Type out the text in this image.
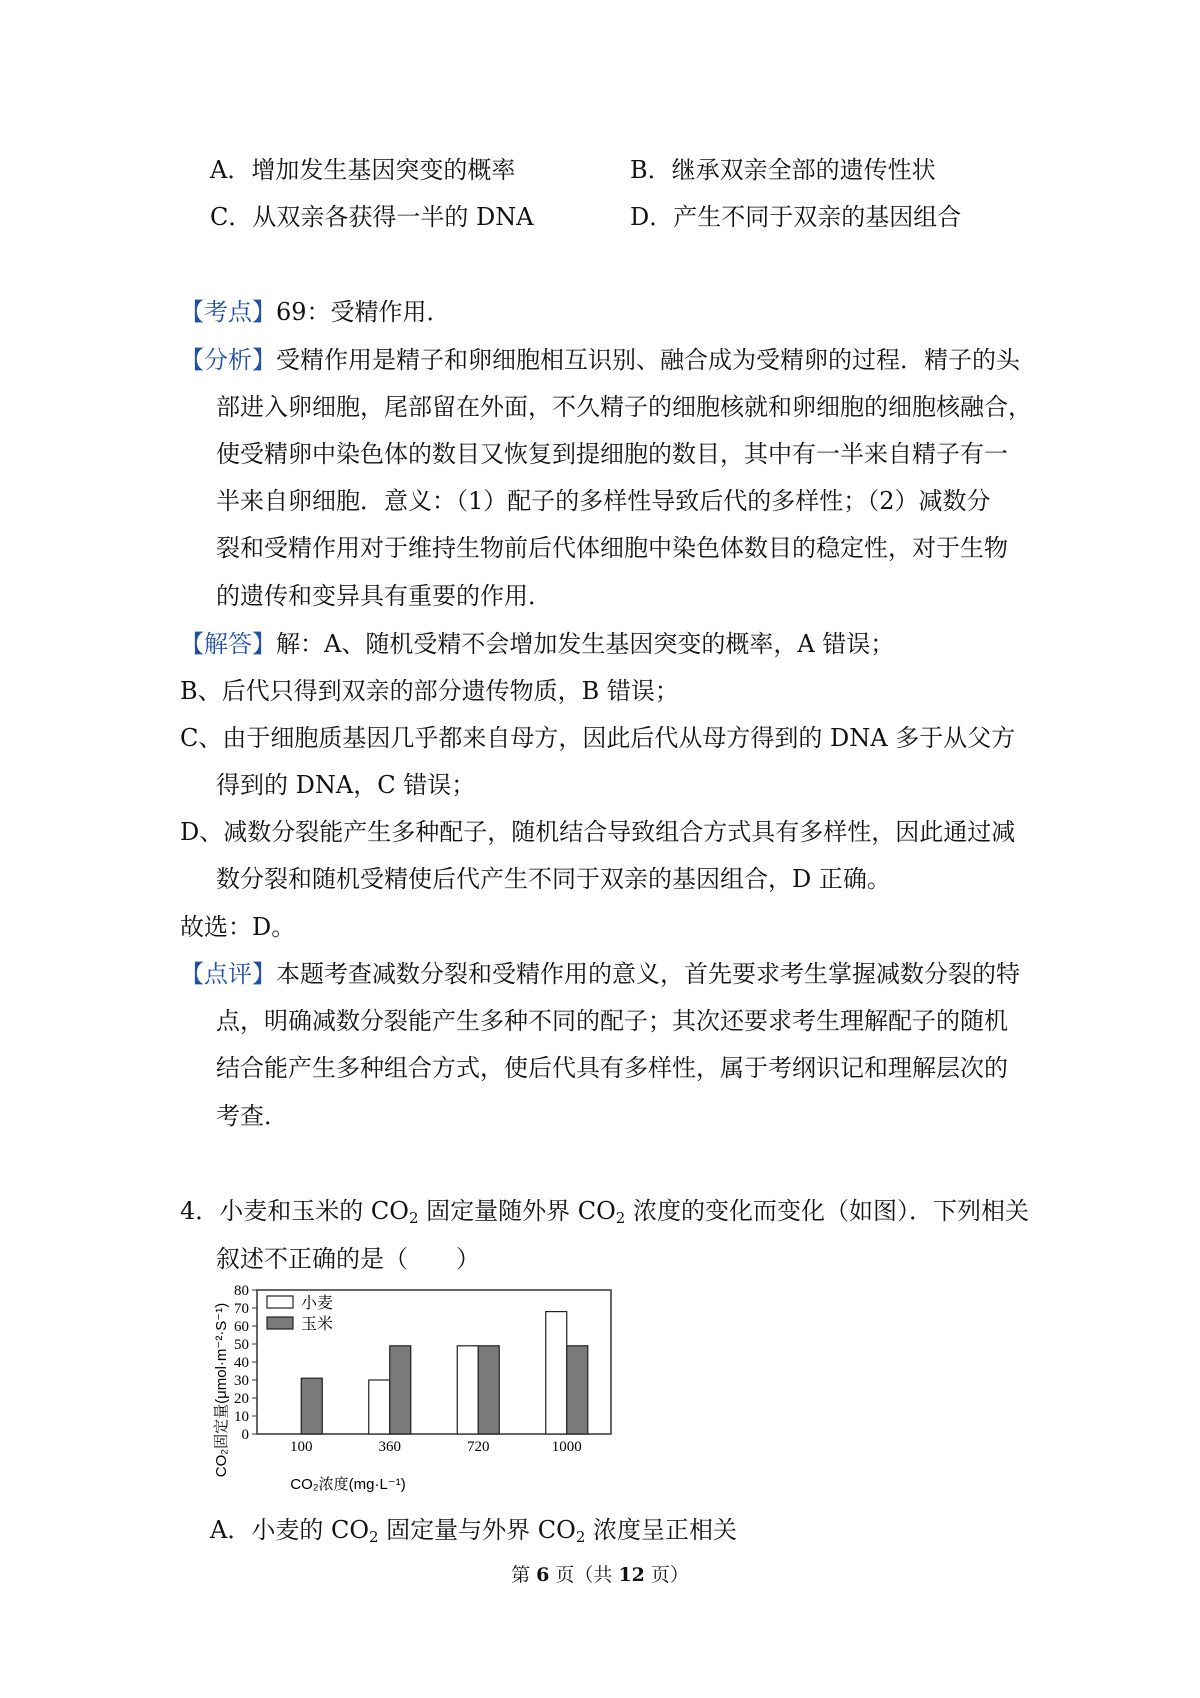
A．增加发生基因突变的概率	B．继承双亲全部的遗传性状
C．从双亲各获得一半的 DNA	D．产生不同于双亲的基因组合
【考点】69：受精作用．
【分析】受精作用是精子和卵细胞相互识别、融合成为受精卵的过程．精子的头
部进入卵细胞，尾部留在外面，不久精子的细胞核就和卵细胞的细胞核融合，
使受精卵中染色体的数目又恢复到提细胞的数目，其中有一半来自精子有一
半来自卵细胞．意义：（1）配子的多样性导致后代的多样性；（2）减数分
裂和受精作用对于维持生物前后代体细胞中染色体数目的稳定性，对于生物
的遗传和变异具有重要的作用．
【解答】解：A、随机受精不会增加发生基因突变的概率，A 错误；
B、后代只得到双亲的部分遗传物质，B 错误；
C、由于细胞质基因几乎都来自母方，因此后代从母方得到的 DNA 多于从父方
得到的 DNA，C 错误；
D、减数分裂能产生多种配子，随机结合导致组合方式具有多样性，因此通过减
数分裂和随机受精使后代产生不同于双亲的基因组合，D 正确。
故选：D。
【点评】本题考查减数分裂和受精作用的意义，首先要求考生掌握减数分裂的特
点，明确减数分裂能产生多种不同的配子；其次还要求考生理解配子的随机
结合能产生多种组合方式，使后代具有多样性，属于考纲识记和理解层次的
考查．
4．小麦和玉米的 $CO_2$ 固定量随外界 $CO_2$ 浓度的变化而变化（如图）．下列相关
叙述不正确的是（　　）
0
10
20
30
40
50
60
70
80
100	360	720	1000
小麦
玉米
CO₂固定量(μmol·m⁻²·S⁻¹)
CO₂浓度(mg·L⁻¹)
A．小麦的 $CO_2$ 固定量与外界 $CO_2$ 浓度呈正相关
第 6 页（共 12 页）
